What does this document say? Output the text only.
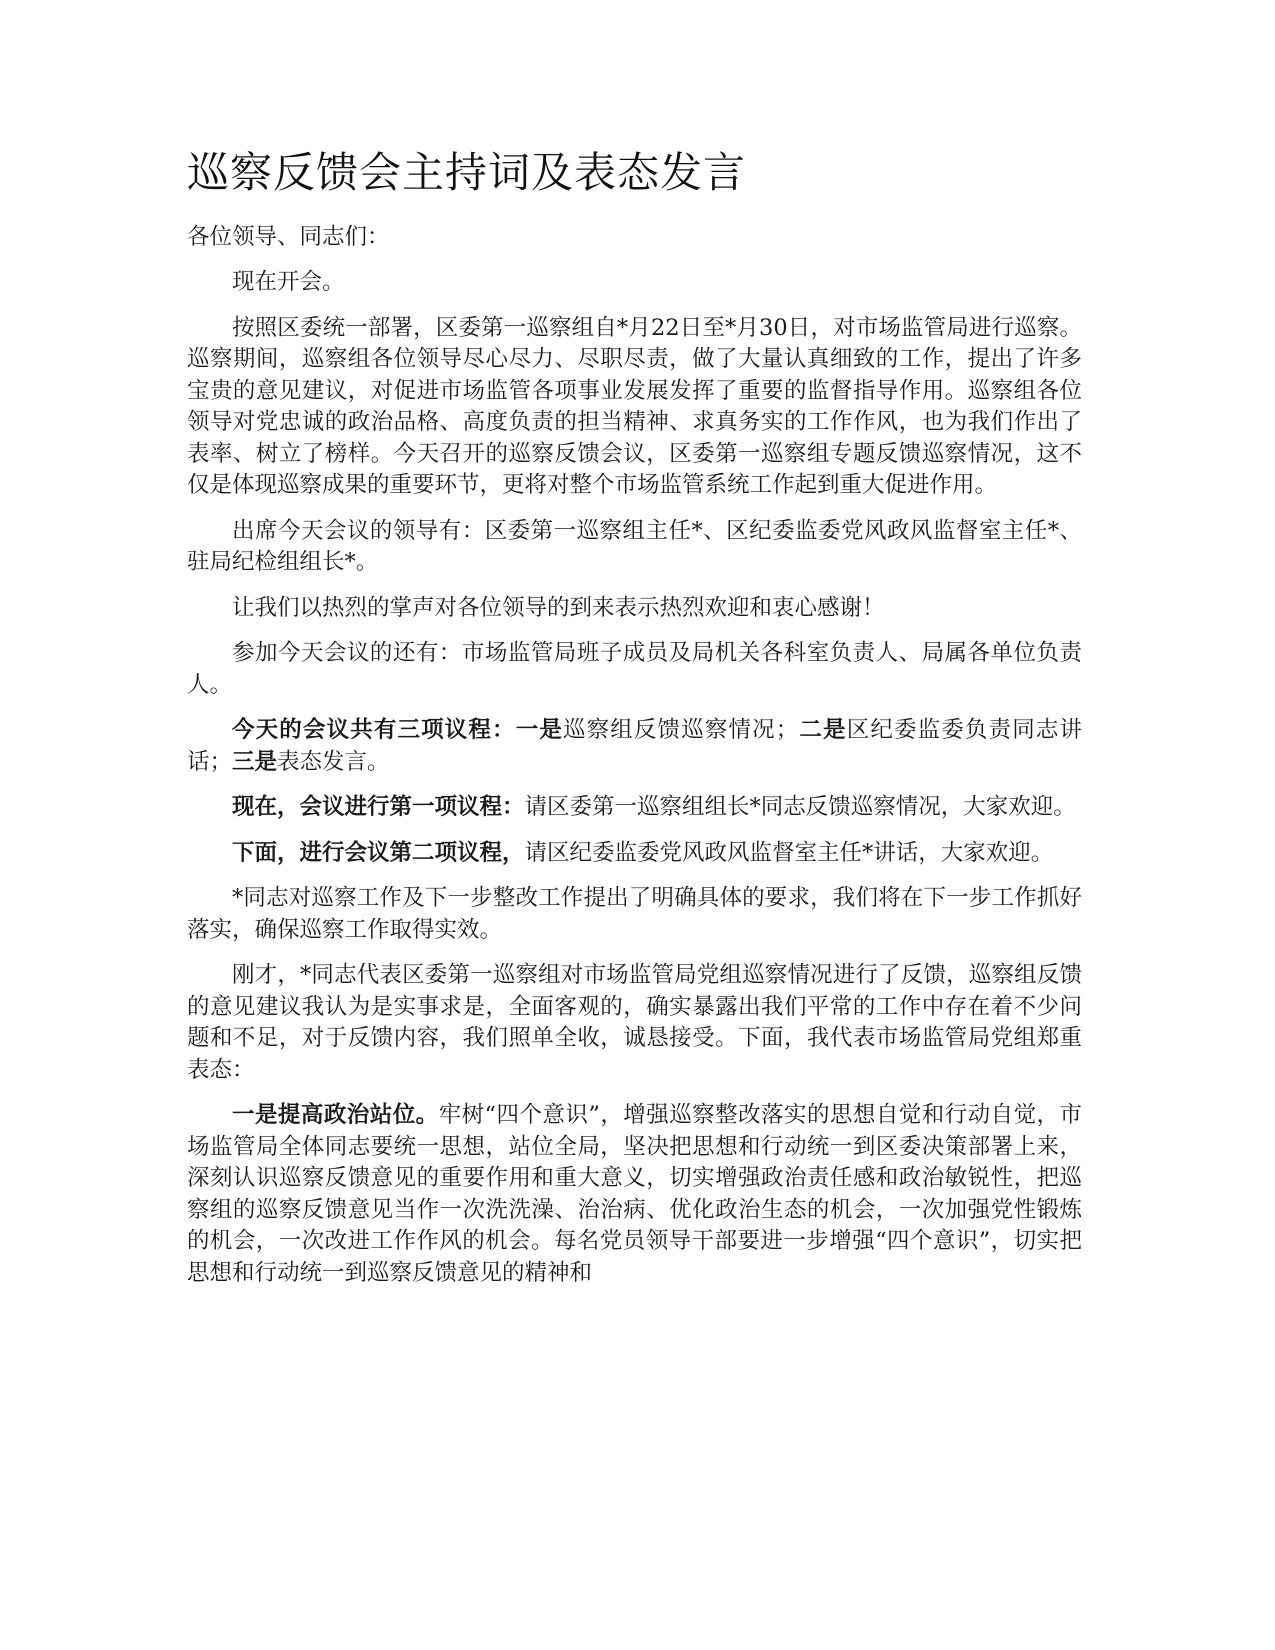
巡察反馈会主持词及表态发言
各位领导、同志们：

现在开会。

按照区委统一部署，区委第一巡察组自*月22日至*月30日，对市场监管局进行巡察。巡察期间，巡察组各位领导尽心尽力、尽职尽责，做了大量认真细致的工作，提出了许多宝贵的意见建议，对促进市场监管各项事业发展发挥了重要的监督指导作用。巡察组各位领导对党忠诚的政治品格、高度负责的担当精神、求真务实的工作作风，也为我们作出了表率、树立了榜样。今天召开的巡察反馈会议，区委第一巡察组专题反馈巡察情况，这不仅是体现巡察成果的重要环节，更将对整个市场监管系统工作起到重大促进作用。

出席今天会议的领导有：区委第一巡察组主任*、区纪委监委党风政风监督室主任*、驻局纪检组组长*。

让我们以热烈的掌声对各位领导的到来表示热烈欢迎和衷心感谢！

参加今天会议的还有：市场监管局班子成员及局机关各科室负责人、局属各单位负责人。

今天的会议共有三项议程：一是巡察组反馈巡察情况；二是区纪委监委负责同志讲话；三是表态发言。

现在，会议进行第一项议程：请区委第一巡察组组长*同志反馈巡察情况，大家欢迎。

下面，进行会议第二项议程，请区纪委监委党风政风监督室主任*讲话，大家欢迎。

*同志对巡察工作及下一步整改工作提出了明确具体的要求，我们将在下一步工作抓好落实，确保巡察工作取得实效。

刚才，*同志代表区委第一巡察组对市场监管局党组巡察情况进行了反馈，巡察组反馈的意见建议我认为是实事求是，全面客观的，确实暴露出我们平常的工作中存在着不少问题和不足，对于反馈内容，我们照单全收，诚恳接受。下面，我代表市场监管局党组郑重表态：

一是提高政治站位。牢树“四个意识”，增强巡察整改落实的思想自觉和行动自觉，市场监管局全体同志要统一思想，站位全局，坚决把思想和行动统一到区委决策部署上来，深刻认识巡察反馈意见的重要作用和重大意义，切实增强政治责任感和政治敏锐性，把巡察组的巡察反馈意见当作一次洗洗澡、治治病、优化政治生态的机会，一次加强党性锻炼的机会，一次改进工作作风的机会。每名党员领导干部要进一步增强“四个意识”，切实把思想和行动统一到巡察反馈意见的精神和
